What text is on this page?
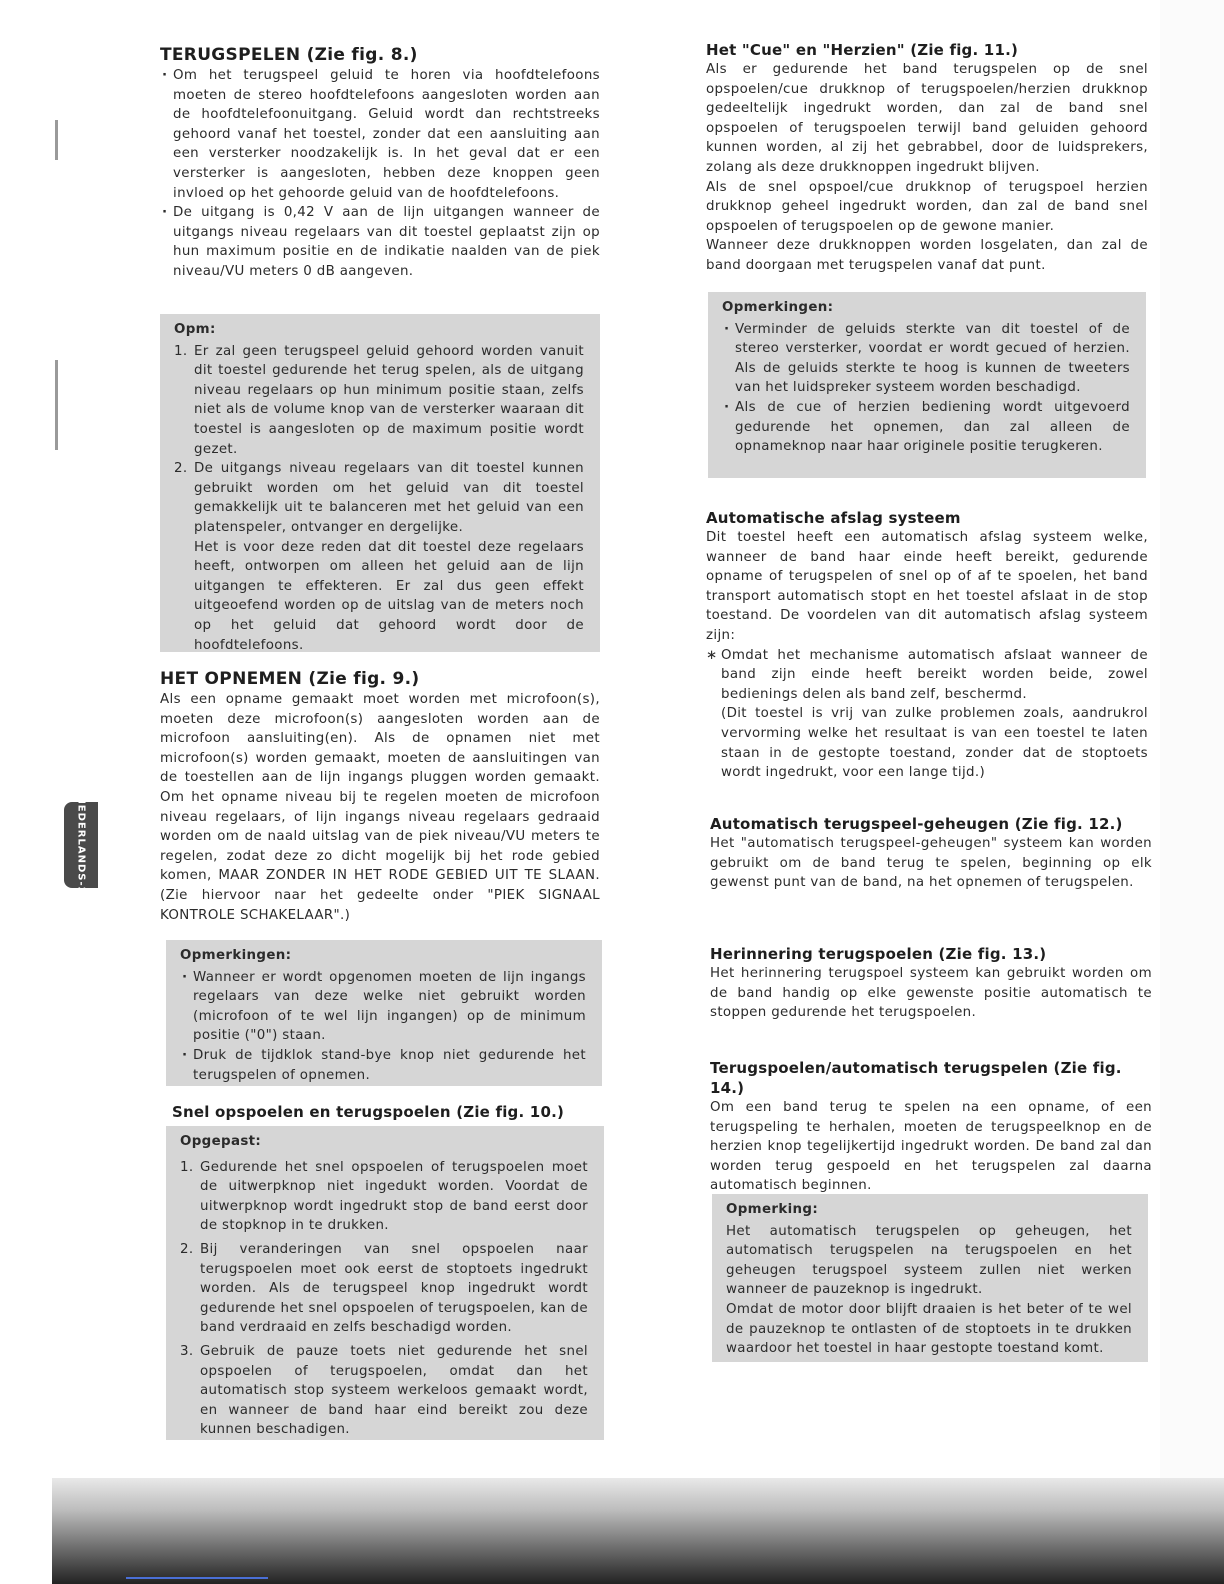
NEDERLANDS-2
TERUGSPELEN (Zie fig. 8.)
· Om het terugspeel geluid te horen via hoofdtelefoons moeten de stereo hoofdtelefoons aangesloten worden aan de hoofdtelefoonuitgang. Geluid wordt dan rechtstreeks gehoord vanaf het toestel, zonder dat een aansluiting aan een versterker noodzakelijk is. In het geval dat er een versterker is aangesloten, hebben deze knoppen geen invloed op het gehoorde geluid van de hoofdtelefoons.
· De uitgang is 0,42 V aan de lijn uitgangen wanneer de uitgangs niveau regelaars van dit toestel geplaatst zijn op hun maximum positie en de indikatie naalden van de piek niveau/VU meters 0 dB aangeven.
Opm:
1. Er zal geen terugspeel geluid gehoord worden vanuit dit toestel gedurende het terug spelen, als de uitgang niveau regelaars op hun minimum positie staan, zelfs niet als de volume knop van de versterker waaraan dit toestel is aangesloten op de maximum positie wordt gezet.
2. De uitgangs niveau regelaars van dit toestel kunnen gebruikt worden om het geluid van dit toestel gemakkelijk uit te balanceren met het geluid van een platenspeler, ontvanger en dergelijke.
Het is voor deze reden dat dit toestel deze regelaars heeft, ontworpen om alleen het geluid aan de lijn uitgangen te effekteren. Er zal dus geen effekt uitgeoefend worden op de uitslag van de meters noch op het geluid dat gehoord wordt door de hoofdtelefoons.
HET OPNEMEN (Zie fig. 9.)

Als een opname gemaakt moet worden met microfoon(s), moeten deze microfoon(s) aangesloten worden aan de microfoon aansluiting(en). Als de opnamen niet met microfoon(s) worden gemaakt, moeten de aansluitingen van de toestellen aan de lijn ingangs pluggen worden gemaakt. Om het opname niveau bij te regelen moeten de microfoon niveau regelaars, of lijn ingangs niveau regelaars gedraaid worden om de naald uitslag van de piek niveau/VU meters te regelen, zodat deze zo dicht mogelijk bij het rode gebied komen, MAAR ZONDER IN HET RODE GEBIED UIT TE SLAAN. (Zie hiervoor naar het gedeelte onder "PIEK SIGNAAL KONTROLE SCHAKELAAR".)

Opmerkingen:
· Wanneer er wordt opgenomen moeten de lijn ingangs regelaars van deze welke niet gebruikt worden (microfoon of te wel lijn ingangen) op de minimum positie ("0") staan.
· Druk de tijdklok stand-bye knop niet gedurende het terugspelen of opnemen.
Snel opspoelen en terugspoelen (Zie fig. 10.)
Opgepast:
1. Gedurende het snel opspoelen of terugspoelen moet de uitwerpknop niet ingedukt worden. Voordat de uitwerpknop wordt ingedrukt stop de band eerst door de stopknop in te drukken.
2. Bij veranderingen van snel opspoelen naar terugspoelen moet ook eerst de stoptoets ingedrukt worden. Als de terugspeel knop ingedrukt wordt gedurende het snel opspoelen of terugspoelen, kan de band verdraaid en zelfs beschadigd worden.
3. Gebruik de pauze toets niet gedurende het snel opspoelen of terugspoelen, omdat dan het automatisch stop systeem werkeloos gemaakt wordt, en wanneer de band haar eind bereikt zou deze kunnen beschadigen.
Het "Cue" en "Herzien" (Zie fig. 11.)

Als er gedurende het band terugspelen op de snel opspoelen/cue drukknop of terugspoelen/herzien drukknop gedeeltelijk ingedrukt worden, dan zal de band snel opspoelen of terugspoelen terwijl band geluiden gehoord kunnen worden, al zij het gebrabbel, door de luidsprekers, zolang als deze drukknoppen ingedrukt blijven.

Als de snel opspoel/cue drukknop of terugspoel herzien drukknop geheel ingedrukt worden, dan zal de band snel opspoelen of terugspoelen op de gewone manier.

Wanneer deze drukknoppen worden losgelaten, dan zal de band doorgaan met terugspelen vanaf dat punt.

Opmerkingen:
· Verminder de geluids sterkte van dit toestel of de stereo versterker, voordat er wordt gecued of herzien. Als de geluids sterkte te hoog is kunnen de tweeters van het luidspreker systeem worden beschadigd.
· Als de cue of herzien bediening wordt uitgevoerd gedurende het opnemen, dan zal alleen de opnameknop naar haar originele positie terugkeren.
Automatische afslag systeem

Dit toestel heeft een automatisch afslag systeem welke, wanneer de band haar einde heeft bereikt, gedurende opname of terugspelen of snel op of af te spoelen, het band transport automatisch stopt en het toestel afslaat in de stop toestand. De voordelen van dit automatisch afslag systeem zijn:

∗ Omdat het mechanisme automatisch afslaat wanneer de band zijn einde heeft bereikt worden beide, zowel bedienings delen als band zelf, beschermd.
(Dit toestel is vrij van zulke problemen zoals, aandrukrol vervorming welke het resultaat is van een toestel te laten staan in de gestopte toestand, zonder dat de stoptoets wordt ingedrukt, voor een lange tijd.)
Automatisch terugspeel-geheugen (Zie fig. 12.)

Het "automatisch terugspeel-geheugen" systeem kan worden gebruikt om de band terug te spelen, beginning op elk gewenst punt van de band, na het opnemen of terugspelen.

Herinnering terugspoelen (Zie fig. 13.)

Het herinnering terugspoel systeem kan gebruikt worden om de band handig op elke gewenste positie automatisch te stoppen gedurende het terugspoelen.

Terugspoelen/automatisch terugspelen (Zie fig. 14.)

Om een band terug te spelen na een opname, of een terugspeling te herhalen, moeten de terugspeelknop en de herzien knop tegelijkertijd ingedrukt worden. De band zal dan worden terug gespoeld en het terugspelen zal daarna automatisch beginnen.

Opmerking:

Het automatisch terugspelen op geheugen, het automatisch terugspelen na terugspoelen en het geheugen terugspoel systeem zullen niet werken wanneer de pauzeknop is ingedrukt.

Omdat de motor door blijft draaien is het beter of te wel de pauzeknop te ontlasten of de stoptoets in te drukken waardoor het toestel in haar gestopte toestand komt.
